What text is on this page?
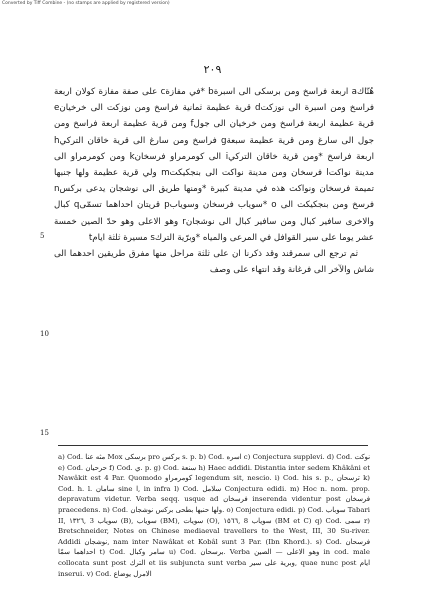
Converted by Tiff Combine - (no stamps are applied by registered version)
٢٠٩

هُنّاك‌a اربعة فراسخ ومن برسكى الى اسبرة‌b *في مفازة‌c على صفة مفازة كولان اربعة فراسخ ومن اسبرة الى نوزكت‌d قرية عظيمة ثمانية فراسخ ومن نوزكت الى خرخيان‌e قرية عظيمة اربعة فراسخ ومن خرخيان الى جول‌f ومن قرية عظيمة اربعة فراسخ ومن جول الى سارغ ومن قرية عظيمة سبعة‌g فراسخ ومن سارغ الى قرية خاقان التركي‌h اربعة فراسخ *ومن قرية خاقان التركي‌i الى كومرمراو فرسخان‌k ومن كومرمراو الى مدينة نواكت‌l فرسخان ومن مدينة نواكت الى بنجكيكت‌m ولي قرية عظيمة ولها جنبها تميمة فرسخان ونواكت هذه في مدينة كبيرة *ومنها طريق الى نوشجان يدعى بركس‌n فرسخ ومن بنجكيكت الى ‌o *سوياب فرسخان وسوياب‌p قريتان احداهما تسمّى‌q كبال والاخرى سافير كبال ومن سافير كبال الى نوشجان‌r وهو الاعلى وهو حدّ الصين خمسة عشر يوما على سير القوافل في المرعى والمياه *وبرّية الترك‌s مسيرة ثلثة ايام‌t

ثم ترجع الى سمرقند وقد ذكرنا ان على ثلثة مراحل منها مفرق طريقين احدهما الى شاش والآخر الى فرغانة وقد انتهاء على وصف

5
10
15

a) Cod. مثه عنا Mox برسكى pro بركس s. p. b) Cod. اسره c) Conjectura supplevi. d) Cod. نوكت e) Cod. حرحيان f) Cod. ي. p. g) Cod. سنعة h) Haec addidi. Distantia inter sedem Khâkâni et Nawâkit est 4 Par. Quomodo كومرمراو legendum sit, nescio. i) Cod. his s. p., ترسحان k) Cod. h. l. سامان sine ا, in infra l) Cod. سلامل Conjectura edidi. m) Hoc n. nom. prop. depravatum videtur. Verba seqq. usque ad فرسخان inserenda videntur post فرسخان praecedens. n) Cod. ولها حنبها بطحى بركس نوشجان. o) Conjectura edidi. p) Cod. سوباب Tabari II, ١٣٢٦, 3 سوياب (B), سوياب (BM), سويات (O), ١٥٦٦, 8 سوياب (BM et C) q) Cod. سمى r) Bretschneider, Notes on Chinese mediaeval travellers to the West, III, 30 Su-river. Addidi نوشجان, nam inter Nawâkat et Kobâl sunt 3 Par. (Ibn Khord.). s) Cod. فرسحان احداهما سمّا t) Cod. سامر وكبال u) Cod. برسحان. Verba وهو الاعلى — الصين in cod. male collocata sunt post الترك et iis subjuncta sunt verba وبرية على سير, quae nunc post ايام inserui. v) Cod. الامرل يوضاع
